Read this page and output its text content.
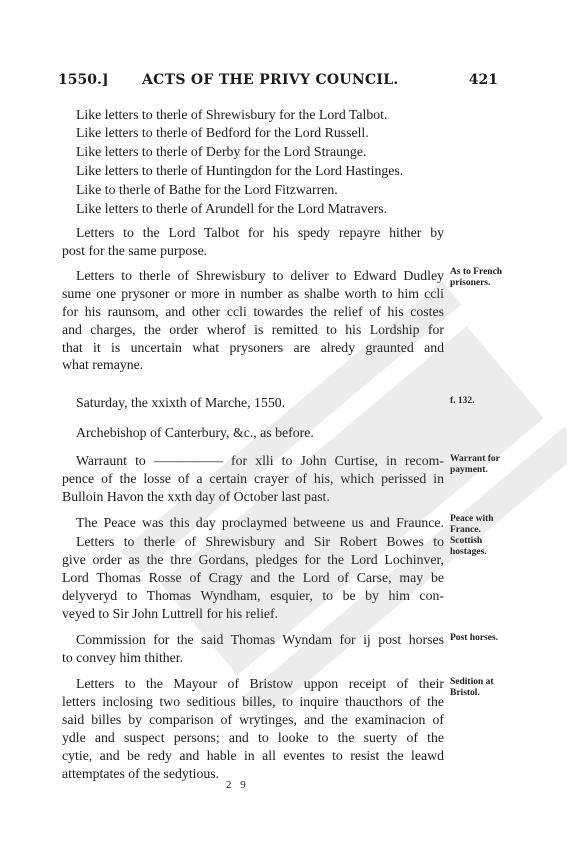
1550.] ACTS OF THE PRIVY COUNCIL.	421
Like letters to therle of Shrewisbury for the Lord Talbot.
Like letters to therle of Bedford for the Lord Russell.
Like letters to therle of Derby for the Lord Straunge.
Like letters to therle of Huntingdon for the Lord Hastinges.
Like to therle of Bathe for the Lord Fitzwarren.
Like letters to therle of Arundell for the Lord Matravers.
Letters to the Lord Talbot for his spedy repayre hither by
post for the same purpose.
Letters to therle of Shrewisbury to deliver to Edward Dudley
sume one prysoner or more in number as shalbe worth to him ccli
for his raunsom, and other ccli towardes the relief of his costes
and charges, the order wherof is remitted to his Lordship for
that it is uncertain what prysoners are alredy graunted and
what remayne.
Saturday, the xxixth of Marche, 1550.
Archebishop of Canterbury, &c., as before.
Warraunt to ————— for xlli to John Curtise, in recom-
pence of the losse of a certain crayer of his, which perissed in
Bulloin Havon the xxth day of October last past.
The Peace was this day proclaymed betweene us and Fraunce.
Letters to therle of Shrewisbury and Sir Robert Bowes to
give order as the thre Gordans, pledges for the Lord Lochinver,
Lord Thomas Rosse of Cragy and the Lord of Carse, may be
delyveryd to Thomas Wyndham, esquier, to be by him con-
veyed to Sir John Luttrell for his relief.
Commission for the said Thomas Wyndam for ij post horses
to convey him thither.
Letters to the Mayour of Bristow uppon receipt of their
letters inclosing two seditious billes, to inquire thaucthors of the
said billes by comparison of wrytinges, and the examinacion of
ydle and suspect persons; and to looke to the suerty of the
cytie, and be redy and hable in all eventes to resist the leawd
attemptates of the sedytious.
As to French
prisoners.
f. 132.
Warrant for
payment.
Peace with
France.
Scottish
hostages.
Post horses.
Sedition at
Bristol.
2 9
